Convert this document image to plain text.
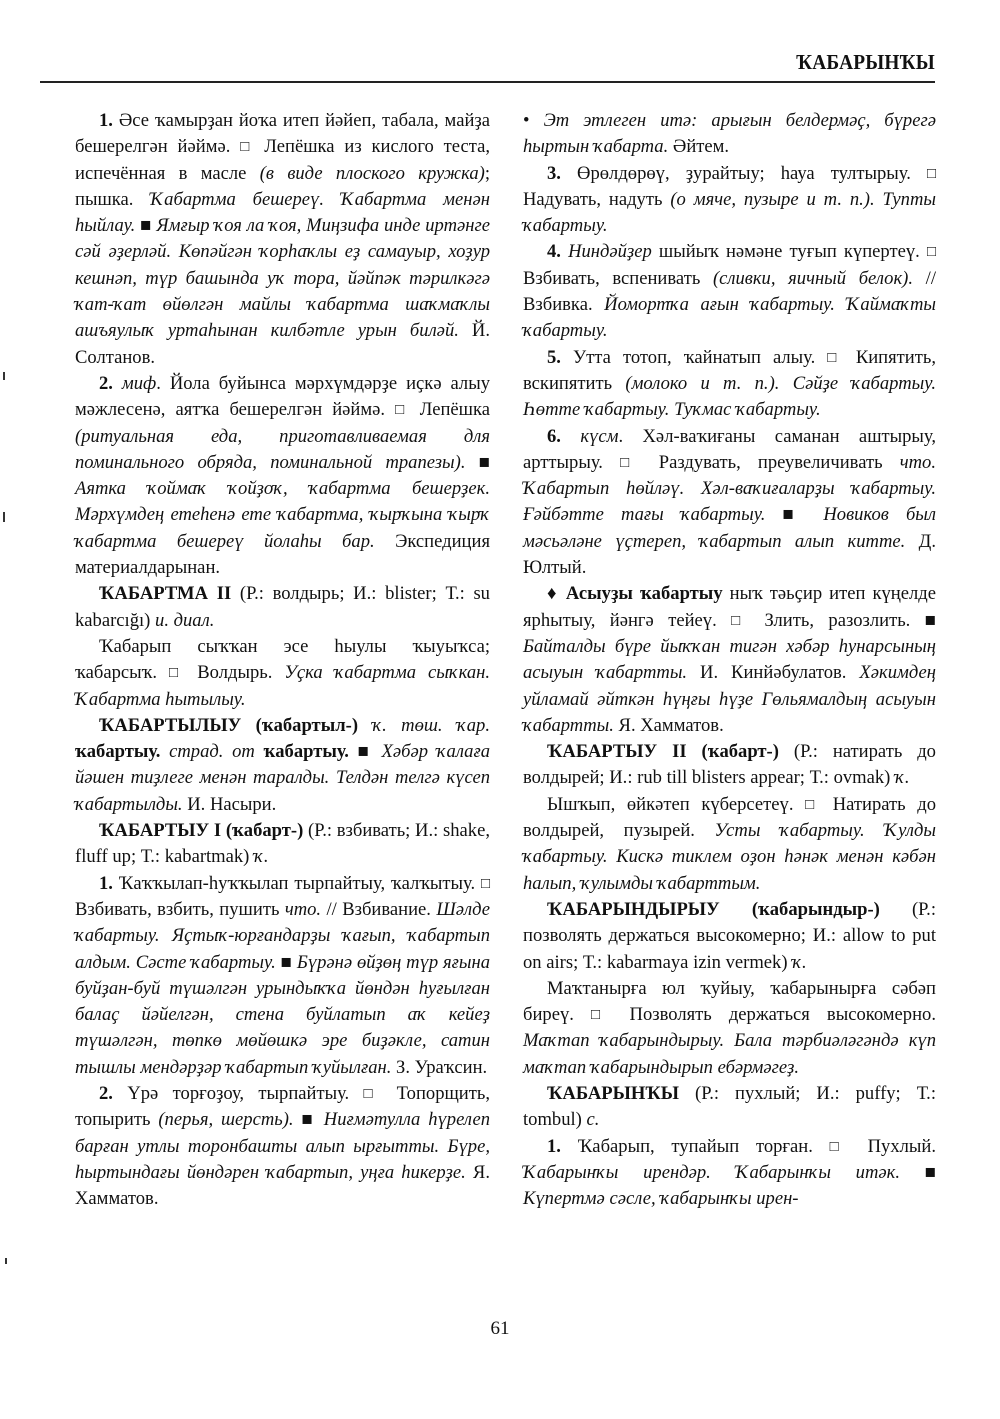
ҠАБАРЫНҠЫ

1. Әсе ҡамырҙан йоҡа итеп йәйеп, табала, майҙа бешерелгән йәймә. □ Лепёшка из кислого теста, испечённая в масле (в виде плоского кружка); пышка. Ҡабартма бешереү. Ҡабартма менән һыйлау. ■ Ямғыр ҡоя ла ҡоя, Миңзифа инде иртәнге сәй әҙерләй. Көпәйгән ҡорһаҡлы еҙ самауыр, хоҙур кешнәп, түр башында уҡ тора, йәйпәк тәрилкәгә ҡат-ҡат өйөлгән майлы ҡабартма шаҡмаҡлы ашъяулыҡ уртаһынан килбәтле урын биләй. Й. Солтанов.

2. миф. Йола буйынса мәрхүмдәрҙе иҫкә алыу мәжлесенә, аятҡа бешерелгән йәймә. □ Лепёшка (ритуальная еда, приготавливаемая для поминального обряда, поминальной трапезы). ■ Аятка ҡоймаҡ ҡойҙоҡ, ҡабартма бешерҙек. Мәрхүмдең етеһенә ете ҡабартма, ҡырҡына ҡырҡ ҡабартма бешереү йолаһы бар. Экспедиция материалдарынан.

ҠАБАРТМА II (Р.: волдырь; И.: blister; Т.: su kabarcığı) и. диал.

Ҡабарып сыҡҡан эсе һыулы ҡыуыҡса; ҡабарсыҡ. □ Волдырь. Уҫка ҡабартма сыҡкан. Ҡабартма һытылыу.

ҠАБАРТЫЛЫУ (ҡабартыл-) ҡ. төш. ҡар. ҡабартыу. страд. от ҡабартыу. ■ Хәбәр ҡалаға йәшен тиҙлеге менән таралды. Телдән телгә күсеп ҡабартылды. И. Насыри.

ҠАБАРТЫУ I (ҡабарт-) (Р.: взбивать; И.: shake, fluff up; Т.: kabartmak) ҡ.

1. Ҡаҡҡылап-һуҡҡылап тырпайтыу, ҡалҡытыу. □ Взбивать, взбить, пушить что. // Взбивание. Шәлде ҡабартыу. Яҫтыҡ-юрғандарҙы ҡағып, ҡабартып алдым. Сәсте ҡабартыу. ■ Бүрәнә өйҙөң түр яғына буйҙан-буй түшәлгән урындыҡҡа йөндән һуғылған балаҫ йәйелгән, стена буйлатып аҡ кейеҙ түшәлгән, төпкө мөйөшкә эре биҙәкле, сатин тышлы мендәрҙәр ҡабартып ҡуйылған. З. Ураҡсин.

2. Үрә торғоҙоу, тырпайтыу. □ Топорщить, топырить (перья, шерсть). ■ Ниғмәтулла һүрелеп барған утлы торонбашты алып ырғытты. Бүре, һыртындағы йөндәрен ҡабартып, уңға һикерҙе. Я. Хамматов.

• Эт этлеген итә: арығын белдермәҫ, бүрегә һыртын ҡабарта. Әйтем.

3. Өрөлдөрөү, ҙурайтыу; һауа тултырыу. □ Надувать, надуть (о мяче, пузыре и т. п.). Тупты ҡабартыу.

4. Ниндәйҙер шыйыҡ нәмәне туғып күпертеү. □ Взбивать, вспенивать (сливки, яичный белок). // Взбивка. Йомортҡа ағын ҡабартыу. Ҡаймаҡты ҡабартыу.

5. Утта тотоп, ҡайнатып алыу. □ Кипятить, вскипятить (молоко и т. п.). Сәйҙе ҡабартыу. Һөтте ҡабартыу. Туҡмас ҡабартыу.

6. күсм. Хәл-ваҡиғаны саманан аштырыу, арттырыу. □ Раздувать, преувеличивать что. Ҡабартып һөйләү. Хәл-ваҡиғаларҙы ҡабартыу. Ғәйбәтте тағы ҡабартыу. ■ Новиков был мәсьәләне үҫтереп, ҡабартып алып китте. Д. Юлтый.

♦ Асыуҙы ҡабартыу ныҡ тәьҫир итеп күңелде ярһытыу, йәнгә тейеү. □ Злить, разозлить. ■ Байталды бүре йыҡҡан тигән хәбәр һунарсының асыуын ҡабартты. И. Кинйәбулатов. Хәкимдең уйламай әйткән һүңғы һүҙе Гөльямалдың асыуын ҡабартты. Я. Хамматов.

ҠАБАРТЫУ II (ҡабарт-) (Р.: натирать до волдырей; И.: rub till blisters appear; Т.: ovmak) ҡ.

Ышҡып, өйкәтеп күберсетеү. □ Натирать до волдырей, пузырей. Усты ҡабартыу. Ҡулды ҡабартыу. Кискә тиклем оҙон һәнәк менән кәбән һалып, ҡулымды ҡабарттым.

ҠАБАРЫНДЫРЫУ (ҡабарындыр-) (Р.: позволять держаться высокомерно; И.: allow to put on airs; Т.: kabarmaya izin vermek) ҡ.

Маҡтанырға юл ҡуйыу, ҡабарынырға сәбәп биреү. □ Позволять держаться высокомерно. Маҡтап ҡабарындырыу. Бала тәрбиәләгәндә күп маҡтап ҡабарындырып ебәрмәгеҙ.

ҠАБАРЫНҠЫ (Р.: пухлый; И.: puffy; Т.: tombul) с.

1. Ҡабарып, тупайып торған. □ Пухлый. Ҡабарынҡы ирендәр. Ҡабарынҡы итәк. ■ Күпертмә сәсле, ҡабарынҡы ирен-

61
